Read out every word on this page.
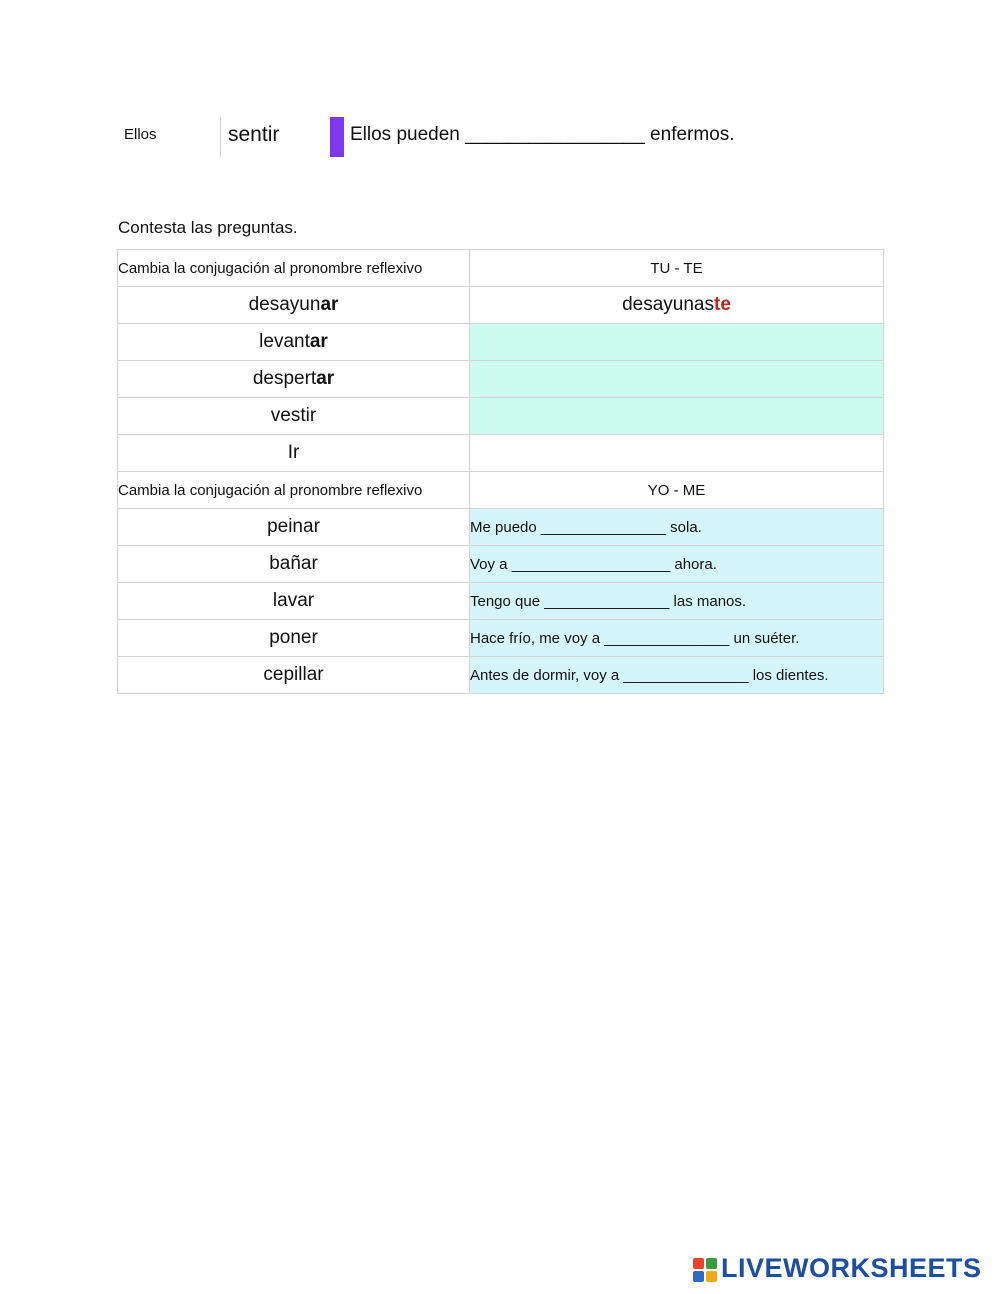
Ellos	sentir	Ellos pueden _________________ enfermos.
Contesta las preguntas.
Cambia la conjugación al pronombre reflexivo	TU - TE
desayunar	desayunaste
levantar	
despertar	
vestir	
Ir	
Cambia la conjugación al pronombre reflexivo	YO - ME
peinar	Me puedo _______________ sola.
bañar	Voy a ___________________ ahora.
lavar	Tengo que _______________ las manos.
poner	Hace frío, me voy a _______________ un suéter.
cepillar	Antes de dormir, voy a _______________ los dientes.
LIVEWORKSHEETS
